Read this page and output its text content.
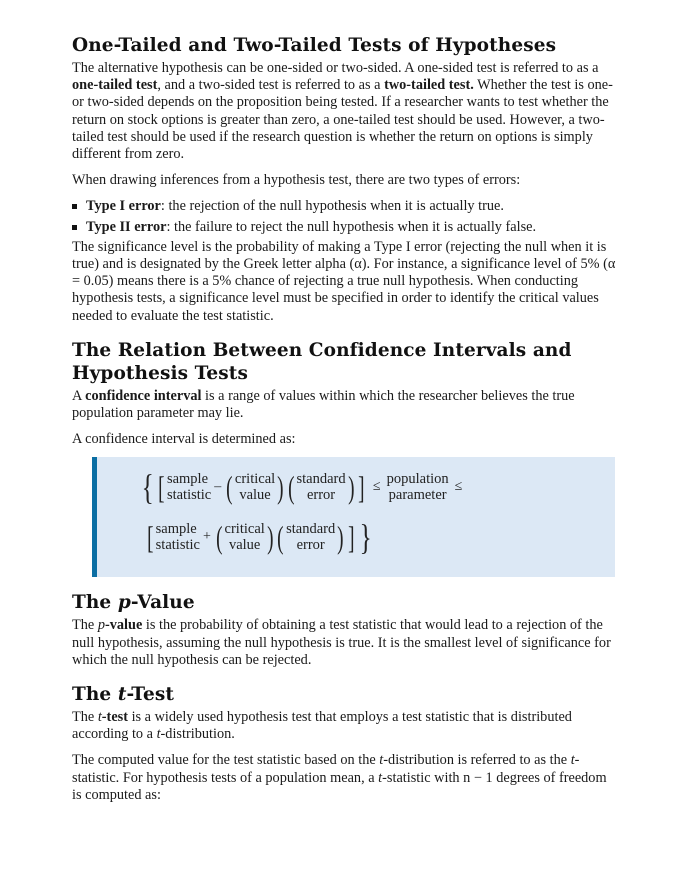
One-Tailed and Two-Tailed Tests of Hypotheses

The alternative hypothesis can be one-sided or two-sided. A one-sided test is referred to as a one-tailed test, and a two-sided test is referred to as a two-tailed test. Whether the test is one- or two-sided depends on the proposition being tested. If a researcher wants to test whether the return on stock options is greater than zero, a one-tailed test should be used. However, a two-tailed test should be used if the research question is whether the return on options is simply different from zero.

When drawing inferences from a hypothesis test, there are two types of errors:

Type I error: the rejection of the null hypothesis when it is actually true.
Type II error: the failure to reject the null hypothesis when it is actually false.

The significance level is the probability of making a Type I error (rejecting the null when it is true) and is designated by the Greek letter alpha (α). For instance, a significance level of 5% (α = 0.05) means there is a 5% chance of rejecting a true null hypothesis. When conducting hypothesis tests, a significance level must be specified in order to identify the critical values needed to evaluate the test statistic.

The Relation Between Confidence Intervals and Hypothesis Tests

A confidence interval is a range of values within which the researcher believes the true population parameter may lie.

A confidence interval is determined as:

{ [ sample
statistic
– ( critical
value ) ( standard
error ) ] ≤ population
parameter
≤
[ sample
statistic
+ ( critical
value ) ( standard
error ) ] }
The p-Value

The p-value is the probability of obtaining a test statistic that would lead to a rejection of the null hypothesis, assuming the null hypothesis is true. It is the smallest level of significance for which the null hypothesis can be rejected.

The t-Test

The t-test is a widely used hypothesis test that employs a test statistic that is distributed according to a t-distribution.

The computed value for the test statistic based on the t-distribution is referred to as the t-statistic. For hypothesis tests of a population mean, a t-statistic with n − 1 degrees of freedom is computed as:
